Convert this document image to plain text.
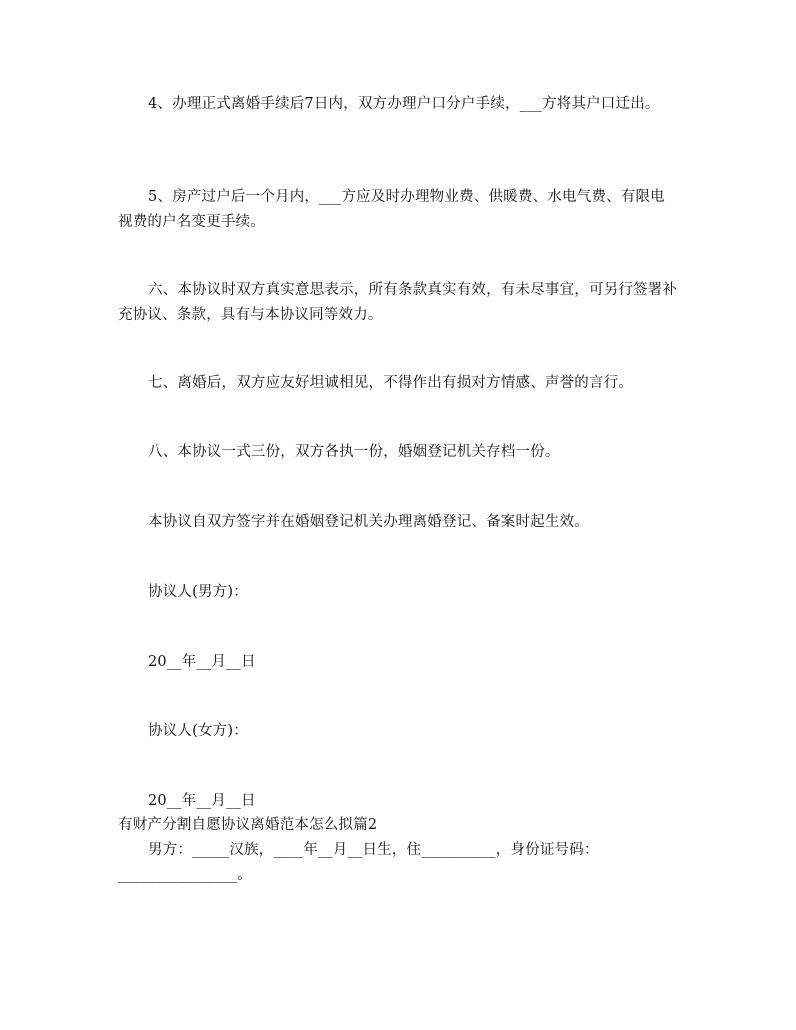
4、办理正式离婚手续后7日内，双方办理户口分户手续，___方将其户口迁出。

5、房产过户后一个月内，___方应及时办理物业费、供暖费、水电气费、有限电视费的户名变更手续。

六、本协议时双方真实意思表示，所有条款真实有效，有未尽事宜，可另行签署补充协议、条款，具有与本协议同等效力。

七、离婚后，双方应友好坦诚相见，不得作出有损对方情感、声誉的言行。

八、本协议一式三份，双方各执一份，婚姻登记机关存档一份。

本协议自双方签字并在婚姻登记机关办理离婚登记、备案时起生效。

协议人(男方)：

20__年__月__日

协议人(女方)：

20__年__月__日

有财产分割自愿协议离婚范本怎么拟篇2

男方：_____汉族，____年__月__日生，住__________，身份证号码：________________。
